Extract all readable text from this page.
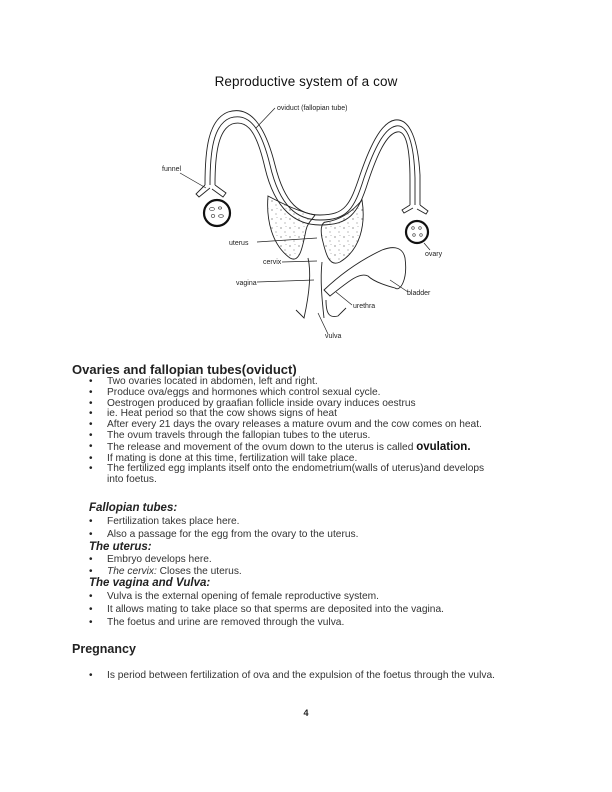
Reproductive system of a cow
oviduct (fallopian tube)
funnel
uterus
cervix
vagina
ovary
bladder
urethra
vulva
Ovaries and fallopian tubes(oviduct)
• Two ovaries located in abdomen, left and right.
• Produce ova/eggs and hormones which control sexual cycle.
• Oestrogen produced by graafian follicle inside ovary induces oestrus
• ie. Heat period so that the cow shows signs of heat
• After every 21 days the ovary releases a mature ovum and the cow comes on heat.
• The ovum travels through the fallopian tubes to the uterus.
• The release and movement of the ovum down to the uterus is called ovulation.
• If mating is done at this time, fertilization will take place.
• The fertilized egg implants itself onto the endometrium(walls of uterus)and develops into foetus.
Fallopian tubes:
• Fertilization takes place here.
• Also a passage for the egg from the ovary to the uterus.
The uterus:
• Embryo develops here.
• The cervix: Closes the uterus.
The vagina and Vulva:
• Vulva is the external opening of female reproductive system.
• It allows mating to take place so that sperms are deposited into the vagina.
• The foetus and urine are removed through the vulva.
Pregnancy
• Is period between fertilization of ova and the expulsion of the foetus through the vulva.
4
